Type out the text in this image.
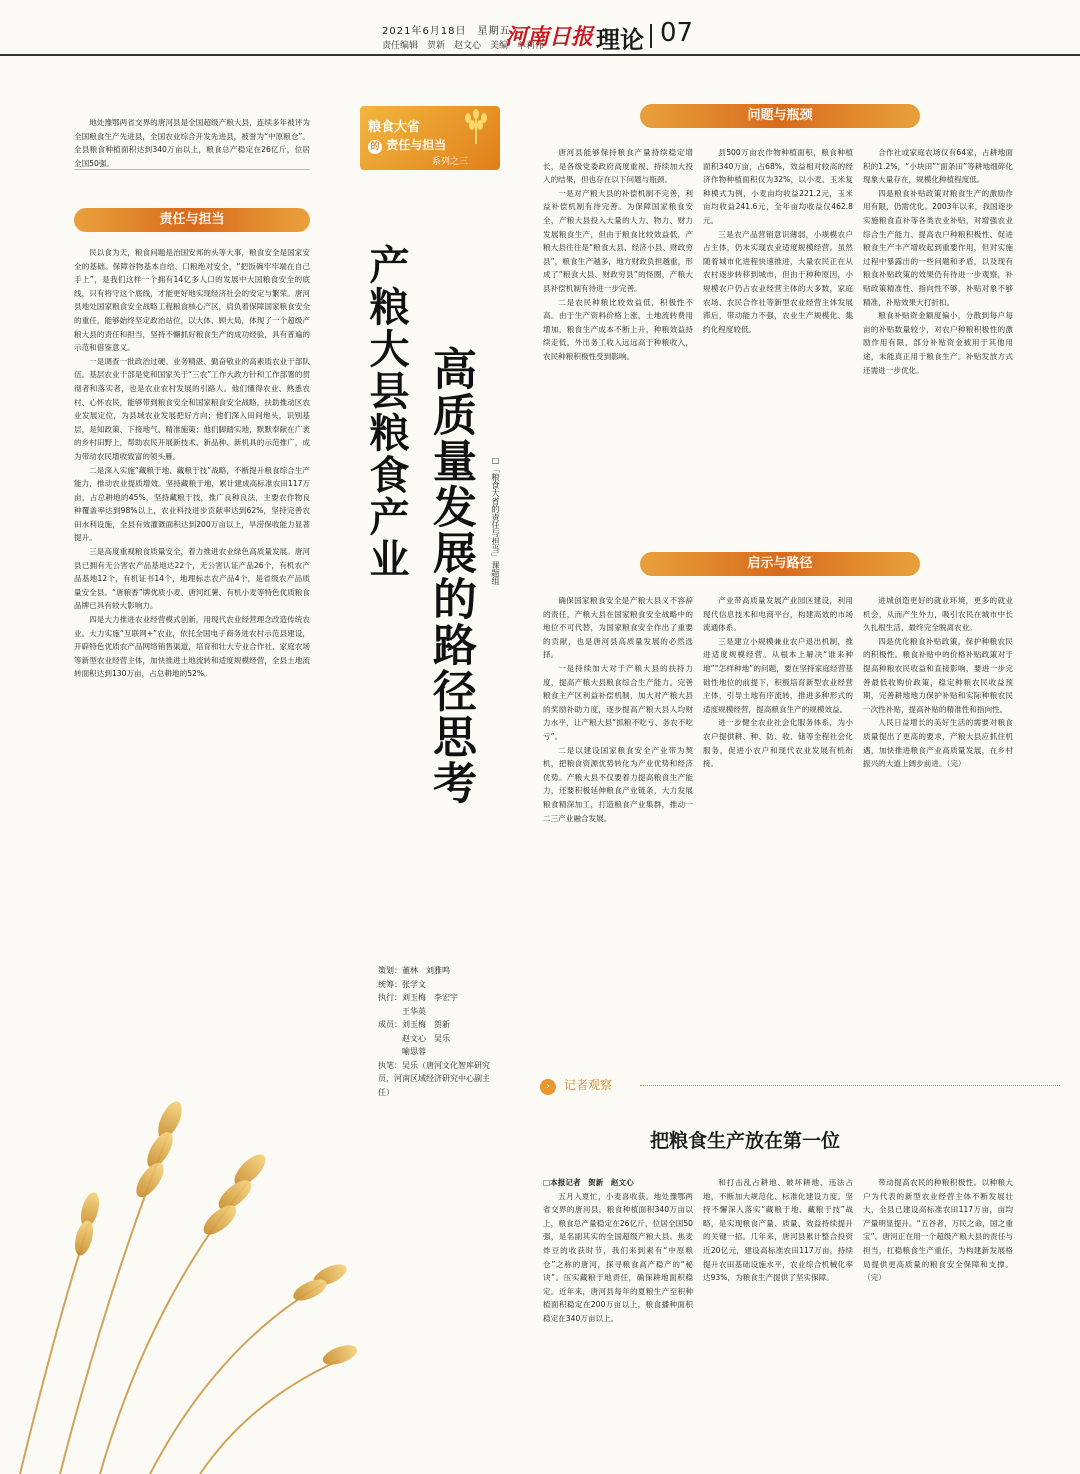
2021年6月18日　星期五
责任编辑　贺新　赵文心　美编　单莉伟
河南日报 理论 07

地处豫鄂两省交界的唐河县是全国超级产粮大县，连续多年被评为全国粮食生产先进县，全国农业综合开发先进县，被誉为“中原粮仓”。全县粮食种植面积达到340万亩以上，粮食总产稳定在26亿斤，位居全国50强。

粮食大省
的 责任与担当
系列之三
高质量发展的路径思考
产粮大县粮食产业	□「粮食大省的责任与担当」课题组
责任与担当
问题与瓶颈
启示与路径

民以食为天，粮食问题是治国安邦的头等大事，粮食安全是国家安全的基础。保障谷物基本自给、口粮绝对安全，“把饭碗牢牢端在自己手上”，是我们这样一个拥有14亿多人口的发展中大国粮食安全的底线，只有将守这个底线，才能更好地实现经济社会的安定与繁荣。唐河县地处国家粮食安全战略工程粮食核心产区，肩负着保障国家粮食安全的重任，能够始终坚定政治站位，以大体、顾大局，体现了一个超级产粮大县的责任和担当，坚持不懈抓好粮食生产的成功经验，具有普遍的示范和借鉴意义。

一是调查一批政治过硬、业务精湛、勤奋敬业的高素质农业干部队伍。基层农业干部是党和国家关于“三农”工作大政方针和工作部署的贯彻者和落实者，也是农业农村发展的引路人。他们懂得农业、熟悉农村、心怀农民，能够带到粮食安全和国家粮食安全战略，扶助推动区农业发展定位，为县域农业发展把好方向；他们深入田间地头，识别基层，是知政策、下接地气、精准施策；他们脚踏实地，默默奉献在广袤的乡村田野上，帮助农民开展新技术、新品种、新机具的示范推广，成为带动农民增收致富的领头雁。

二是深入实施“藏粮于地、藏粮于技”战略，不断提升粮食综合生产能力，推动农业提质增效。坚持藏粮于地，累计建成高标准农田117万亩，占总耕地的45%，坚持藏粮于技，推广良种良法，主要农作物良种覆盖率达到98%以上，农业科技进步贡献率达到62%，坚持完善农田水利设施，全县有效灌溉面积达到200万亩以上，旱涝保收能力显著提升。

三是高度重视粮食质量安全，着力推进农业绿色高质量发展。唐河县已拥有无公害农产品基地达22个，无公害认证产品26个，有机农产品基地12个，有机证书14个，地理标志农产品4个，是省级农产品质量安全县。“唐粮香”牌优质小麦、唐河红薯、有机小麦等特色优质粮食品牌已具有较大影响力。

四是大力推进农业经营模式创新，用现代农业经营理念改造传统农业。大力实施“互联网+”农业，依托全国电子商务进农村示范县建设，开辟特色优质农产品网络销售渠道，培育和壮大专业合作社、家庭农场等新型农业经营主体，加快推进土地流转和适度规模经营，全县土地流转面积达到130万亩，占总耕地的52%。

唐河县能够保持粮食产量持续稳定增长，是各级党委政府高度重视、持续加大投入的结果，但也存在以下问题与瓶颈。

一是对产粮大县的补偿机制不完善，利益补偿机制有待完善。为保障国家粮食安全，产粮大县投入大量的人力、物力、财力发展粮食生产，但由于粮食比较效益低，产粮大县往往是“粮食大县、经济小县、财政穷县”，粮食生产越多，地方财政负担越重，形成了“粮食大县、财政穷县”的怪圈，产粮大县补偿机制有待进一步完善。

二是农民种粮比较效益低，积极性不高。由于生产资料价格上涨，土地流转费用增加，粮食生产成本不断上升，种粮效益持续走低，外出务工收入远远高于种粮收入，农民种粮积极性受到影响。

县500万亩农作物种植面积，粮食种植面积340万亩，占68%，效益相对较高的经济作物种植面积仅为32%，以小麦、玉米复种模式为例，小麦亩均收益221.2元，玉米亩均收益241.6元，全年亩均收益仅462.8元。

三是农产品营销意识薄弱，小规模农户占主体，仍未实现农业适度规模经营。虽然随着城市化进程快速推进，大量农民正在从农村逐步转移到城市，但由于种种原因，小规模农户仍占农业经营主体的大多数，家庭农场、农民合作社等新型农业经营主体发展滞后，带动能力不强，农业生产规模化、集约化程度较低。

合作社或家庭农场仅有64家，占耕地面积的1.2%，“小块田”“面条田”等耕地细碎化现象大量存在，规模化种植程度低。

四是粮食补贴政策对粮食生产的激励作用有限，仍需优化。2003年以来，我国逐步实施粮食直补等各类农业补贴，对增强农业综合生产能力、提高农户种粮积极性、促进粮食生产丰产增收起到重要作用，但对实施过程中暴露出的一些问题和矛盾，以及现有粮食补贴政策的效果仍有待进一步观察，补贴政策精准性、指向性不够，补贴对象不够精准，补贴效果大打折扣。

粮食补贴资金额度偏小，分散到每户每亩的补贴数量较少，对农户种粮积极性的激励作用有限，部分补贴资金被用于其他用途，未能真正用于粮食生产。补贴发放方式还需进一步优化。

确保国家粮食安全是产粮大县义不容辞的责任，产粮大县在国家粮食安全战略中的地位不可代替，为国家粮食安全作出了重要的贡献，也是唐河县高质量发展的必然选择。

一是持续加大对于产粮大县的扶持力度，提高产粮大县粮食综合生产能力。完善粮食主产区利益补偿机制，加大对产粮大县的奖励补助力度，逐步提高产粮大县人均财力水平，让产粮大县“抓粮不吃亏、务农不吃亏”。

二是以建设国家粮食安全产业带为契机，把粮食资源优势转化为产业优势和经济优势。产粮大县不仅要着力提高粮食生产能力，还要积极延伸粮食产业链条，大力发展粮食精深加工，打造粮食产业集群，推动一二三产业融合发展。

产业带高质量发展产业园区建设，利用现代信息技术和电商平台，构建高效的市场流通体系。

三是建立小规模兼业农户退出机制，推进适度规模经营。从根本上解决“谁来种地”“怎样种地”的问题，要在坚持家庭经营基础性地位的前提下，积极培育新型农业经营主体，引导土地有序流转，推进多种形式的适度规模经营，提高粮食生产的规模效益。

进一步健全农业社会化服务体系，为小农户提供耕、种、防、收、储等全程社会化服务，促进小农户和现代农业发展有机衔接。

进城创造更好的就业环境，更多的就业机会，从而产生外力，吸引农民在城市中长久扎根生活，最终完全脱离农业。

四是优化粮食补贴政策，保护种粮农民的积极性。粮食补贴中的价格补贴政策对于提高种粮农民收益和直接影响，要进一步完善最低收购价政策，稳定种粮农民收益预期，完善耕地地力保护补贴和实际种粮农民一次性补贴，提高补贴的精准性和指向性。

人民日益增长的美好生活的需要对粮食质量提出了更高的要求，产粮大县应抓住机遇，加快推进粮食产业高质量发展，在乡村振兴的大道上阔步前进。（完）

策划：董林　刘雅鸣
统筹：张学文
执行：刘玉梅　李宏宇
　　　王华英
成员：刘玉梅　贺新
　　　赵文心　吴乐
　　　喻思蓉
执笔：吴乐（唐河文化智库研究员，河南区域经济研究中心副主任）	› 记者观察
把粮食生产放在第一位
□本报记者　贺新　赵文心

五月入夏忙，小麦喜收获。地处豫鄂两省交界的唐河县，粮食种植面积340万亩以上，粮食总产量稳定在26亿斤，位居全国50强，是名副其实的全国超级产粮大县。焦麦炸豆的收获时节，我们来到素有“中原粮仓”之称的唐河，探寻粮食高产稳产的“秘诀”。压实藏粮于地责任，确保耕地面积稳定。近年来，唐河县每年的夏粮生产至积种植面积稳定在200万亩以上，粮食播种面积稳定在340万亩以上。

和打击乱占耕地、破坏耕地、违法占地，不断加大规范化、标准化建设力度。坚持不懈深入落实“藏粮于地、藏粮于技”战略，是实现粮食产量、质量、效益持续提升的关键一招。几年来，唐河县累计整合投资近20亿元，建设高标准农田117万亩，持续提升农田基础设施水平，农业综合机械化率达93%，为粮食生产提供了坚实保障。

带动提高农民的种粮积极性。以种粮大户为代表的新型农业经营主体不断发展壮大，全县已建设高标准农田117万亩，亩均产量明显提升。“五谷者，万民之命，国之重宝”。唐河正在用一个超级产粮大县的责任与担当，扛稳粮食生产重任，为构建新发展格局提供更高质量的粮食安全保障和支撑。（完）
